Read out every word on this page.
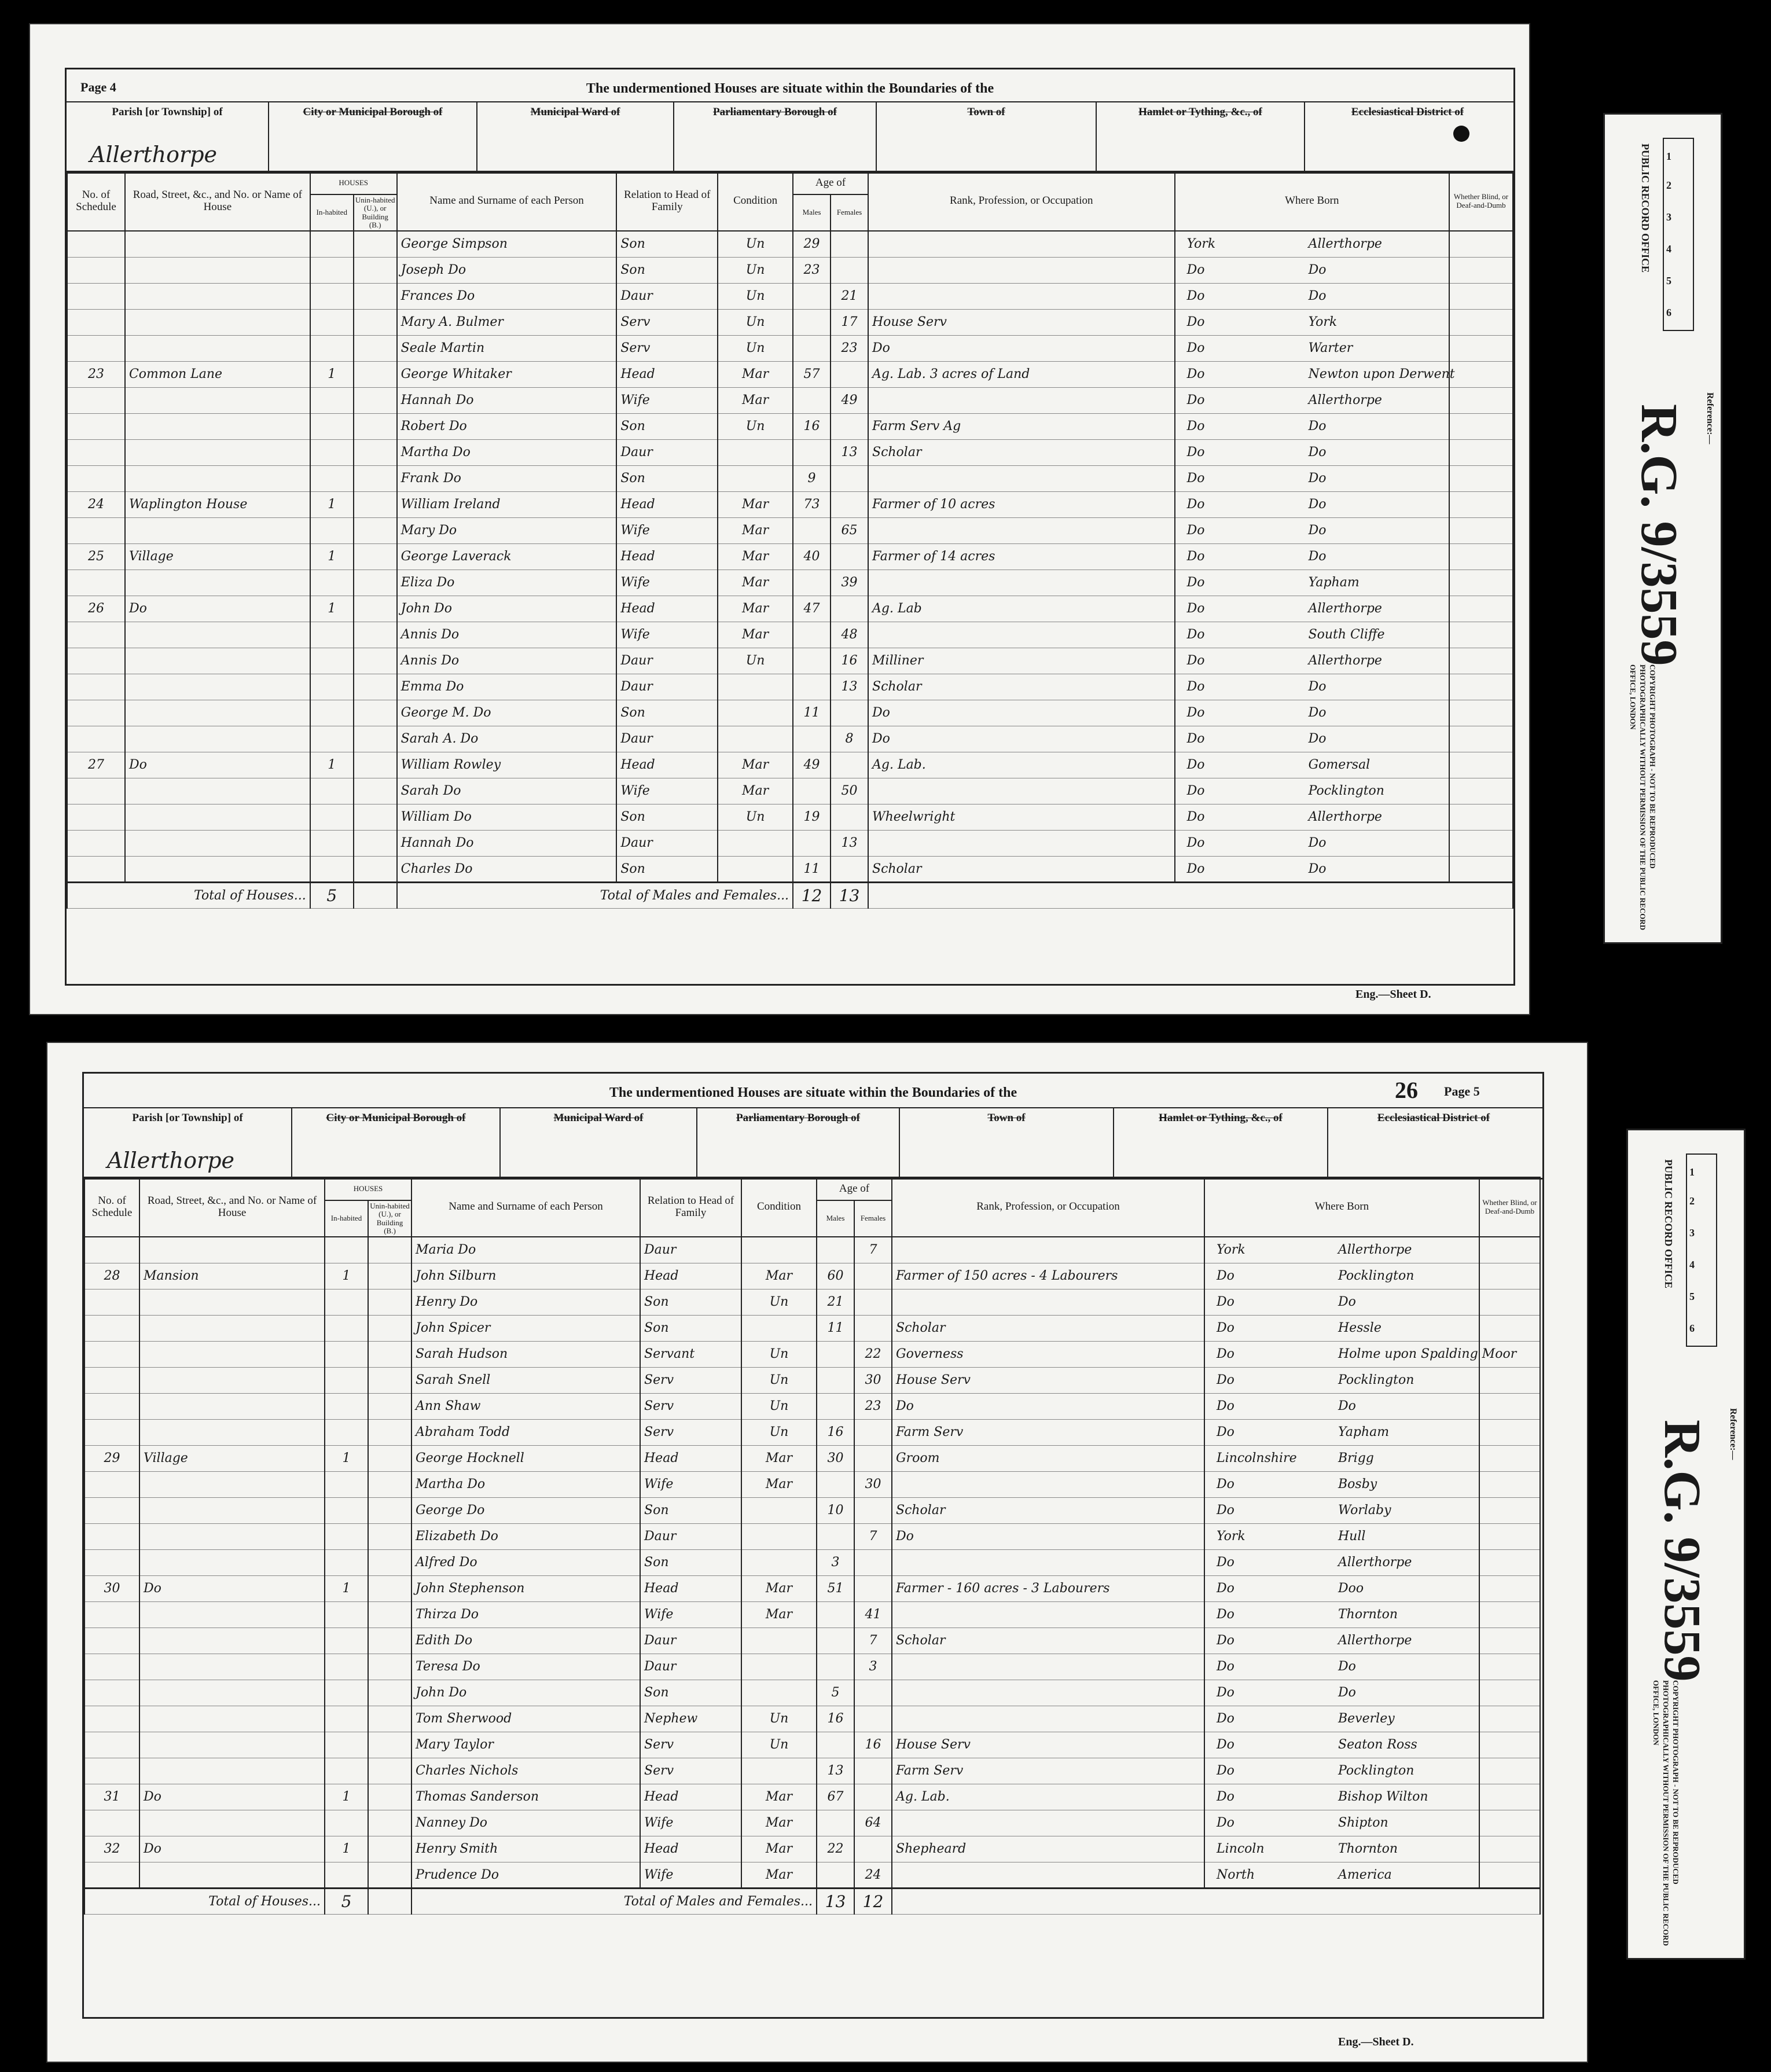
Page 4	The undermentioned Houses are situate within the Boundaries of the
Parish [or Township] of
Allerthorpe
City or Municipal Borough of	Municipal Ward of	Parliamentary Borough of	Town of	Hamlet or Tything, &c., of	Ecclesiastical District of
No. of Schedule	Road, Street, &c., and No. or Name of House	HOUSES		Name and Surname of each Person	Relation to Head of Family	Condition	Age of		Rank, Profession, or Occupation	Where Born	Whether Blind, or Deaf-and-Dumb
		In-habited	Unin-habited (U.), or Building (B.)				Males	Females			
				George Simpson	Son	Un	29			York Allerthorpe	

				Joseph Do	Son	Un	23			Do Do	

				Frances Do	Daur	Un		21		Do Do	

				Mary A. Bulmer	Serv	Un		17	House Serv	Do York	

				Seale Martin	Serv	Un		23	Do	Do Warter	

23	Common Lane	1		George Whitaker	Head	Mar	57		Ag. Lab. 3 acres of Land	Do Newton upon Derwent	

				Hannah Do	Wife	Mar		49		Do Allerthorpe	

				Robert Do	Son	Un	16		Farm Serv Ag	Do Do	

				Martha Do	Daur			13	Scholar	Do Do	

				Frank Do	Son		9			Do Do	

24	Waplington House	1		William Ireland	Head	Mar	73		Farmer of 10 acres	Do Do	

				Mary Do	Wife	Mar		65		Do Do	

25	Village	1		George Laverack	Head	Mar	40		Farmer of 14 acres	Do Do	

				Eliza Do	Wife	Mar		39		Do Yapham	

26	Do	1		John Do	Head	Mar	47		Ag. Lab	Do Allerthorpe	

				Annis Do	Wife	Mar		48		Do South Cliffe	

				Annis Do	Daur	Un		16	Milliner	Do Allerthorpe	

				Emma Do	Daur			13	Scholar	Do Do	

				George M. Do	Son		11		Do	Do Do	

				Sarah A. Do	Daur			8	Do	Do Do	

27	Do	1		William Rowley	Head	Mar	49		Ag. Lab.	Do Gomersal	

				Sarah Do	Wife	Mar		50		Do Pocklington	

				William Do	Son	Un	19		Wheelwright	Do Allerthorpe	

				Hannah Do	Daur			13		Do Do	

				Charles Do	Son		11		Scholar	Do Do	

Total of Houses...		5		Total of Males and Females...			12	13			
Eng.—Sheet D.
26 Page 5
The undermentioned Houses are situate within the Boundaries of the
Parish [or Township] of
Allerthorpe
City or Municipal Borough of	Municipal Ward of	Parliamentary Borough of	Town of	Hamlet or Tything, &c., of	Ecclesiastical District of
No. of Schedule	Road, Street, &c., and No. or Name of House	HOUSES		Name and Surname of each Person	Relation to Head of Family	Condition	Age of		Rank, Profession, or Occupation	Where Born	Whether Blind, or Deaf-and-Dumb
		In-habited	Unin-habited (U.), or Building (B.)				Males	Females			
				Maria Do	Daur			7		York Allerthorpe	

28	Mansion	1		John Silburn	Head	Mar	60		Farmer of 150 acres - 4 Labourers	Do Pocklington	

				Henry Do	Son	Un	21			Do Do	

				John Spicer	Son		11		Scholar	Do Hessle	

				Sarah Hudson	Servant	Un		22	Governess	Do Holme upon Spalding Moor	

				Sarah Snell	Serv	Un		30	House Serv	Do Pocklington	

				Ann Shaw	Serv	Un		23	Do	Do Do	

				Abraham Todd	Serv	Un	16		Farm Serv	Do Yapham	

29	Village	1		George Hocknell	Head	Mar	30		Groom	Lincolnshire Brigg	

				Martha Do	Wife	Mar		30		Do Bosby	

				George Do	Son		10		Scholar	Do Worlaby	

				Elizabeth Do	Daur			7	Do	York Hull	

				Alfred Do	Son		3			Do Allerthorpe	

30	Do	1		John Stephenson	Head	Mar	51		Farmer - 160 acres - 3 Labourers	Do Doo	

				Thirza Do	Wife	Mar		41		Do Thornton	

				Edith Do	Daur			7	Scholar	Do Allerthorpe	

				Teresa Do	Daur			3		Do Do	

				John Do	Son		5			Do Do	

				Tom Sherwood	Nephew	Un	16			Do Beverley	

				Mary Taylor	Serv	Un		16	House Serv	Do Seaton Ross	

				Charles Nichols	Serv		13		Farm Serv	Do Pocklington	

31	Do	1		Thomas Sanderson	Head	Mar	67		Ag. Lab.	Do Bishop Wilton	

				Nanney Do	Wife	Mar		64		Do Shipton	

32	Do	1		Henry Smith	Head	Mar	22		Shepheard	Lincoln Thornton	

				Prudence Do	Wife	Mar		24		North America	

Total of Houses...		5		Total of Males and Females...			13	12			
Eng.—Sheet D.
PUBLIC RECORD OFFICE 1
2
3
4
5
6
Reference:—
R.G. 9/3559
COPYRIGHT PHOTOGRAPH - NOT TO BE REPRODUCED PHOTOGRAPHICALLY WITHOUT PERMISSION OF THE PUBLIC RECORD OFFICE, LONDON
PUBLIC RECORD OFFICE 1
2
3
4
5
6
Reference:—
R.G. 9/3559
COPYRIGHT PHOTOGRAPH - NOT TO BE REPRODUCED PHOTOGRAPHICALLY WITHOUT PERMISSION OF THE PUBLIC RECORD OFFICE, LONDON
